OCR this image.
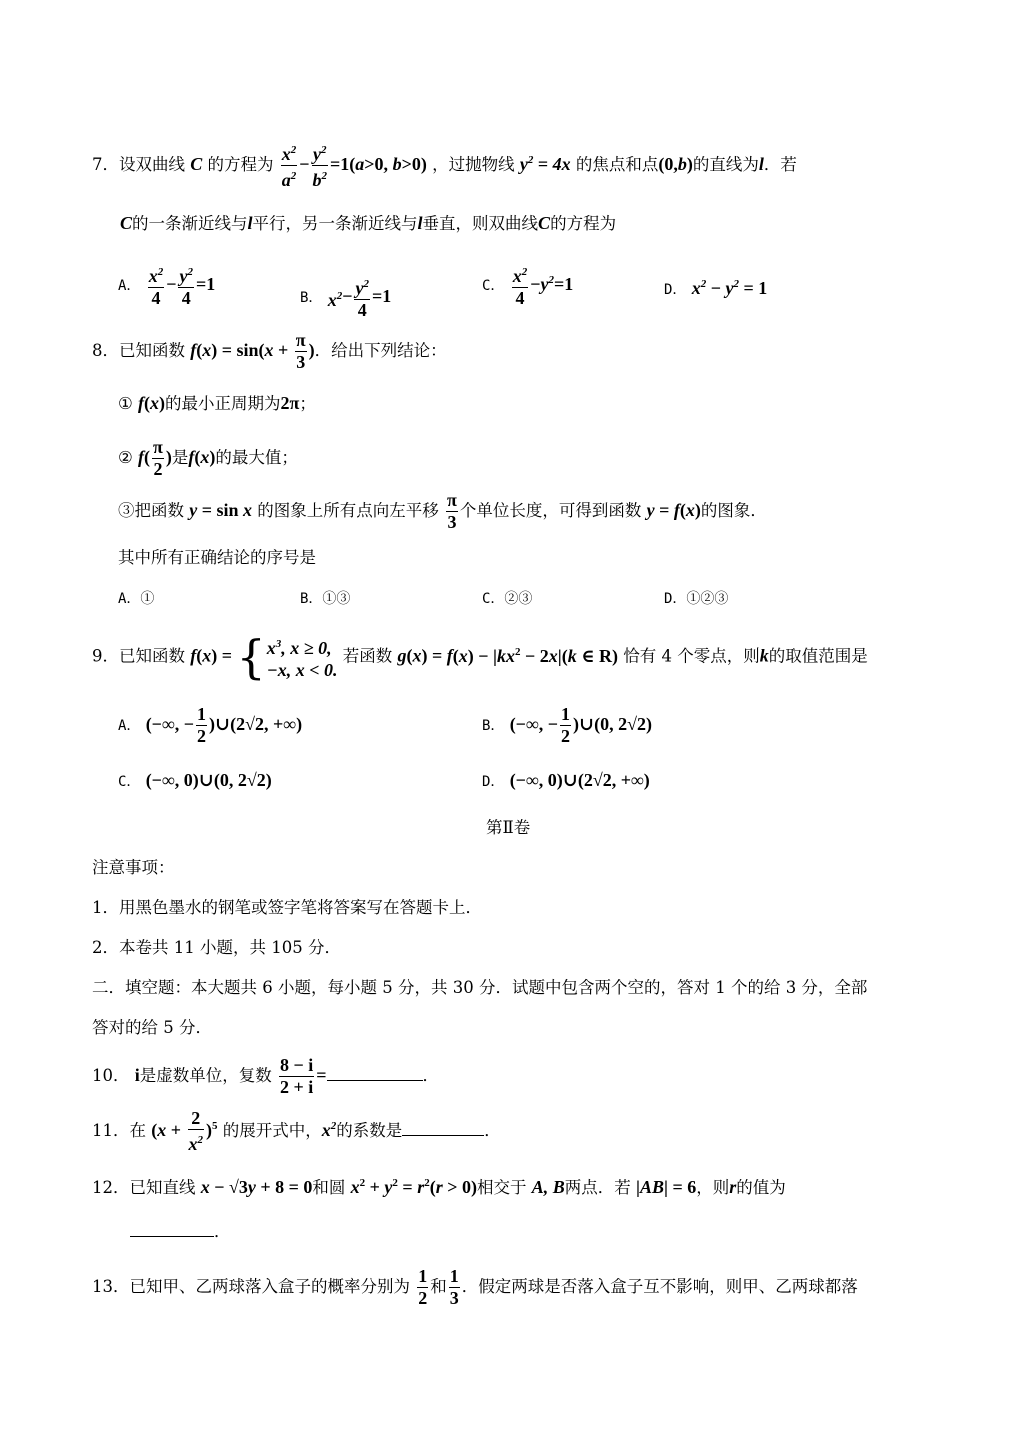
7．设双曲线 C 的方程为 $\frac{x^2}{a^2} - \frac{y^2}{b^2} =1(a>0$, b>0) ，过抛物线 $y^2 = 4x$ 的焦点和点(0,b)的直线为l．若
C的一条渐近线与l平行，另一条渐近线与l垂直，则双曲线C的方程为
A． $\frac{x^2}{4} - \frac{y^2}{4} =1$
B． $x^2- \frac{y^2}{4} =1$	C． $\frac{x^2}{4} -y^2=1$	D． $x^2 - y^2 = 1$
8．已知函数 $f(x) = \sin(x + \frac{\pi}{3}$ )．给出下列结论：
① f(x)的最小正周期为2π；
② $f( \frac{\pi}{2}$ )是f(x)的最大值；
③把函数 y = sin x 的图象上所有点向左平移 $\frac{\pi}{3}$ 个单位长度，可得到函数 y = f(x)的图象．
其中所有正确结论的序号是
A．①	B．①③	C．②③	D．①②③
9．已知函数 f(x) = { $x^3$, x ≥ 0,
−x, x < 0.
若函数 $g(x) = f(x) - |kx^2 - 2x|(k$ ∈ R) 恰有 4 个零点，则k的取值范围是
A． (−∞, − $\frac{1}{2}$ )∪(2√2, +∞)	B． (−∞, − $\frac{1}{2}$ )∪(0, 2√2)
C． (−∞, 0)∪(0, 2√2)	D． (−∞, 0)∪(2√2, +∞)
第Ⅱ卷
注意事项：
1．用黑色墨水的钢笔或签字笔将答案写在答题卡上．
2．本卷共 11 小题，共 105 分．
二．填空题：本大题共 6 小题，每小题 5 分，共 30 分．试题中包含两个空的，答对 1 个的给 3 分，全部
答对的给 5 分．
10． i是虚数单位，复数 $\frac{8 - i}{2 + i}$ =	．
11．在 $(x + \frac{2}{x^2} )^5$ 的展开式中，$x^2$的系数是	．
12．已知直线 x − √3y + 8 = 0和圆 $x^2 + y^2 = r^2(r > 0)$相交于 A, B两点．若 |AB| = 6，则r的值为
．
13．已知甲、乙两球落入盒子的概率分别为 $\frac{1}{2}$ 和 $\frac{1}{3}$ ．假定两球是否落入盒子互不影响，则甲、乙两球都落
